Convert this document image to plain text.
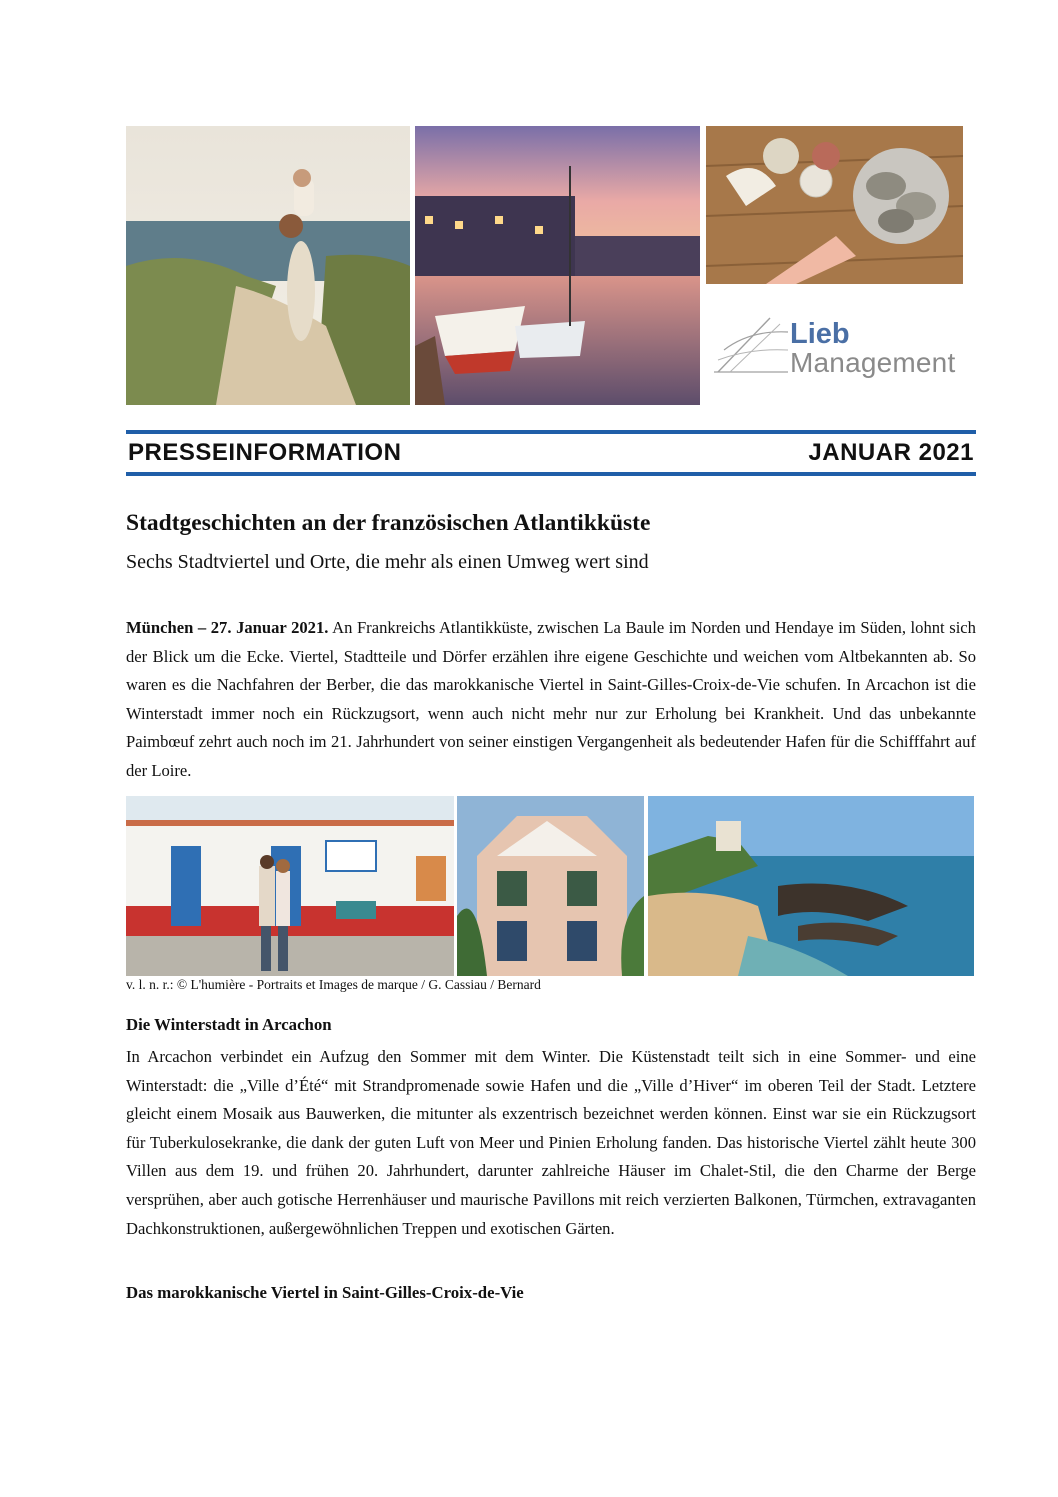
Lieb
Management
PRESSEINFORMATION	JANUAR 2021
Stadtgeschichten an der französischen Atlantikküste
Sechs Stadtviertel und Orte, die mehr als einen Umweg wert sind
München – 27. Januar 2021. An Frankreichs Atlantikküste, zwischen La Baule im Norden und Hendaye im Süden, lohnt sich der Blick um die Ecke. Viertel, Stadtteile und Dörfer erzählen ihre eigene Geschichte und weichen vom Altbekannten ab. So waren es die Nachfahren der Berber, die das marokkanische Viertel in Saint-Gilles-Croix-de-Vie schufen. In Arcachon ist die Winterstadt immer noch ein Rückzugsort, wenn auch nicht mehr nur zur Erholung bei Krankheit. Und das unbekannte Paimbœuf zehrt auch noch im 21. Jahrhundert von seiner einstigen Vergangenheit als bedeutender Hafen für die Schifffahrt auf der Loire.
v. l. n. r.: © L'humière - Portraits et Images de marque / G. Cassiau / Bernard
Die Winterstadt in Arcachon
In Arcachon verbindet ein Aufzug den Sommer mit dem Winter. Die Küstenstadt teilt sich in eine Sommer- und eine Winterstadt: die „Ville d’Été“ mit Strandpromenade sowie Hafen und die „Ville d’Hiver“ im oberen Teil der Stadt. Letztere gleicht einem Mosaik aus Bauwerken, die mitunter als exzentrisch bezeichnet werden können. Einst war sie ein Rückzugsort für Tuberkulosekranke, die dank der guten Luft von Meer und Pinien Erholung fanden. Das historische Viertel zählt heute 300 Villen aus dem 19. und frühen 20. Jahrhundert, darunter zahlreiche Häuser im Chalet-Stil, die den Charme der Berge versprühen, aber auch gotische Herrenhäuser und maurische Pavillons mit reich verzierten Balkonen, Türmchen, extravaganten Dachkonstruktionen, außergewöhnlichen Treppen und exotischen Gärten.
Das marokkanische Viertel in Saint-Gilles-Croix-de-Vie
